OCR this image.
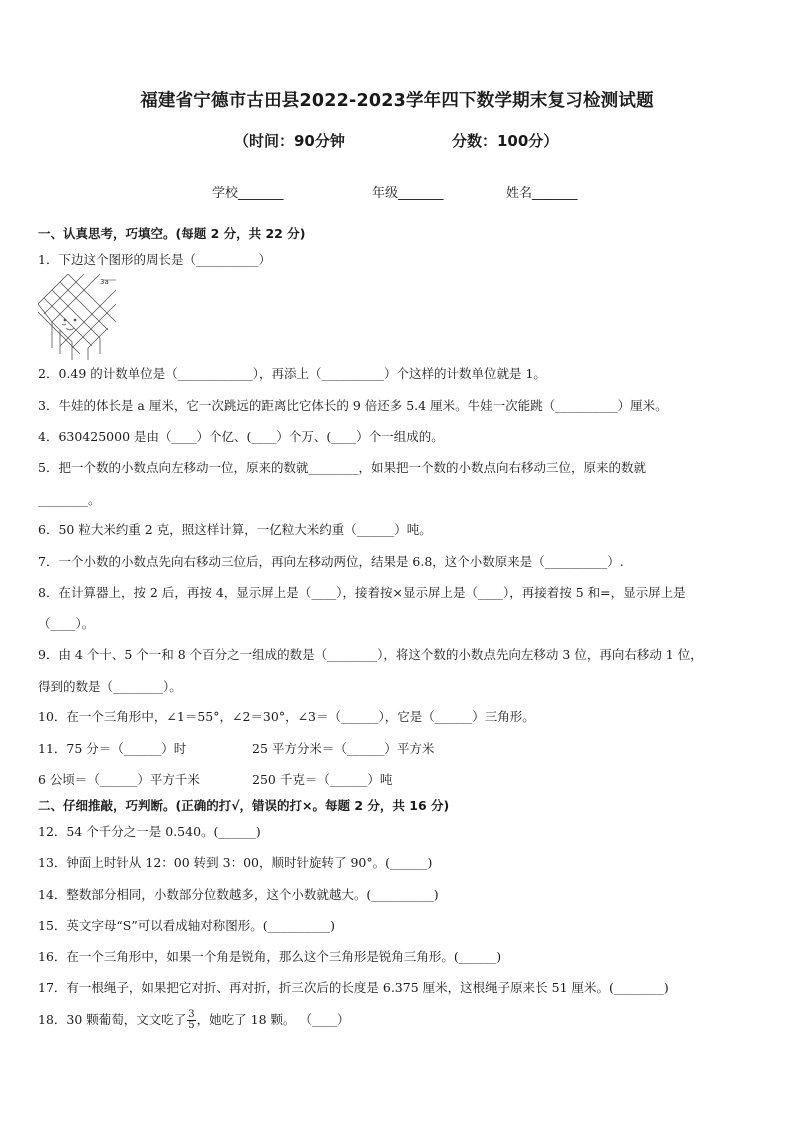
福建省宁德市古田县2022-2023学年四下数学期末复习检测试题
（时间：90分钟	分数：100分）
学校_______	年级_______	姓名_______
一、认真思考，巧填空。(每题 2 分，共 22 分)
1．下边这个图形的周长是（__________）
3a
2．0.49 的计数单位是（____________），再添上（__________）个这样的计数单位就是 1。
3．牛娃的体长是 a 厘米，它一次跳远的距离比它体长的 9 倍还多 5.4 厘米。牛娃一次能跳（__________）厘米。
4．630425000 是由（____）个亿、(____）个万、(____）个一组成的。
5．把一个数的小数点向左移动一位，原来的数就________，如果把一个数的小数点向右移动三位，原来的数就
________。
6．50 粒大米约重 2 克，照这样计算，一亿粒大米约重（______）吨。
7．一个小数的小数点先向右移动三位后，再向左移动两位，结果是 6.8，这个小数原来是（__________）.
8．在计算器上，按 2 后，再按 4，显示屏上是（____），接着按×显示屏上是（____），再接着按 5 和=，显示屏上是
（____）。
9．由 4 个十、5 个一和 8 个百分之一组成的数是（________），将这个数的小数点先向左移动 3 位，再向右移动 1 位，
得到的数是（________）。
10．在一个三角形中，∠1＝55°，∠2＝30°，∠3＝（______），它是（______）三角形。
11．75 分＝（______）时	25 平方分米＝（______）平方米
6 公顷＝（______）平方千米	250 千克＝（______）吨
二、仔细推敲，巧判断。(正确的打√，错误的打×。每题 2 分，共 16 分)
12．54 个千分之一是 0.540。(______)
13．钟面上时针从 12：00 转到 3：00，顺时针旋转了 90°。(______)
14．整数部分相同，小数部分位数越多，这个小数就越大。(__________)
15．英文字母“S”可以看成轴对称图形。(__________)
16．在一个三角形中，如果一个角是锐角，那么这个三角形是锐角三角形。(______)
17．有一根绳子，如果把它对折、再对折，折三次后的长度是 6.375 厘米，这根绳子原来长 51 厘米。(________)
18．30 颗葡萄，文文吃了 $\frac{3}{5}$ ，她吃了 18 颗。 （____）
